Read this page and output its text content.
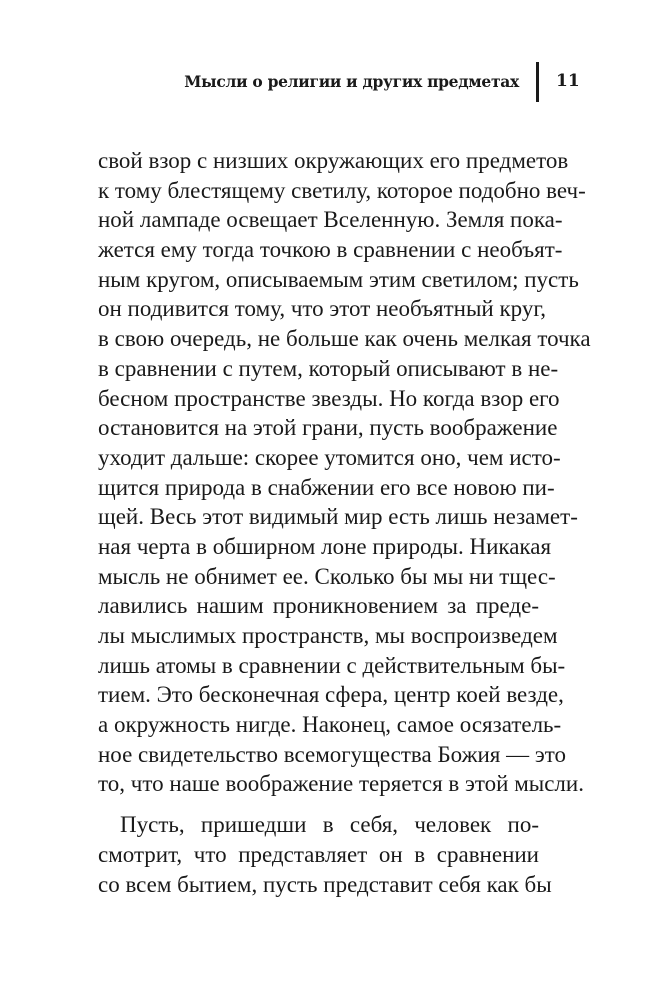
Мысли о религии и других предметах 11
свой взор с низших окружающих его предметов
к тому блестящему светилу, которое подобно веч-
ной лампаде освещает Вселенную. Земля пока-
жется ему тогда точкою в сравнении с необъят-
ным кругом, описываемым этим светилом; пусть
он подивится тому, что этот необъятный круг,
в свою очередь, не больше как очень мелкая точка
в сравнении с путем, который описывают в не-
бесном пространстве звезды. Но когда взор его
остановится на этой грани, пусть воображение
уходит дальше: скорее утомится оно, чем исто-
щится природа в снабжении его все новою пи-
щей. Весь этот видимый мир есть лишь незамет-
ная черта в обширном лоне природы. Никакая
мысль не обнимет ее. Сколько бы мы ни тщес-
лавились нашим проникновением за преде-
лы мыслимых пространств, мы воспроизведем
лишь атомы в сравнении с действительным бы-
тием. Это бесконечная сфера, центр коей везде,
а окружность нигде. Наконец, самое осязатель-
ное свидетельство всемогущества Божия — это
то, что наше воображение теряется в этой мысли.
Пусть, пришедши в себя, человек по-
смотрит, что представляет он в сравнении
со всем бытием, пусть представит себя как бы
